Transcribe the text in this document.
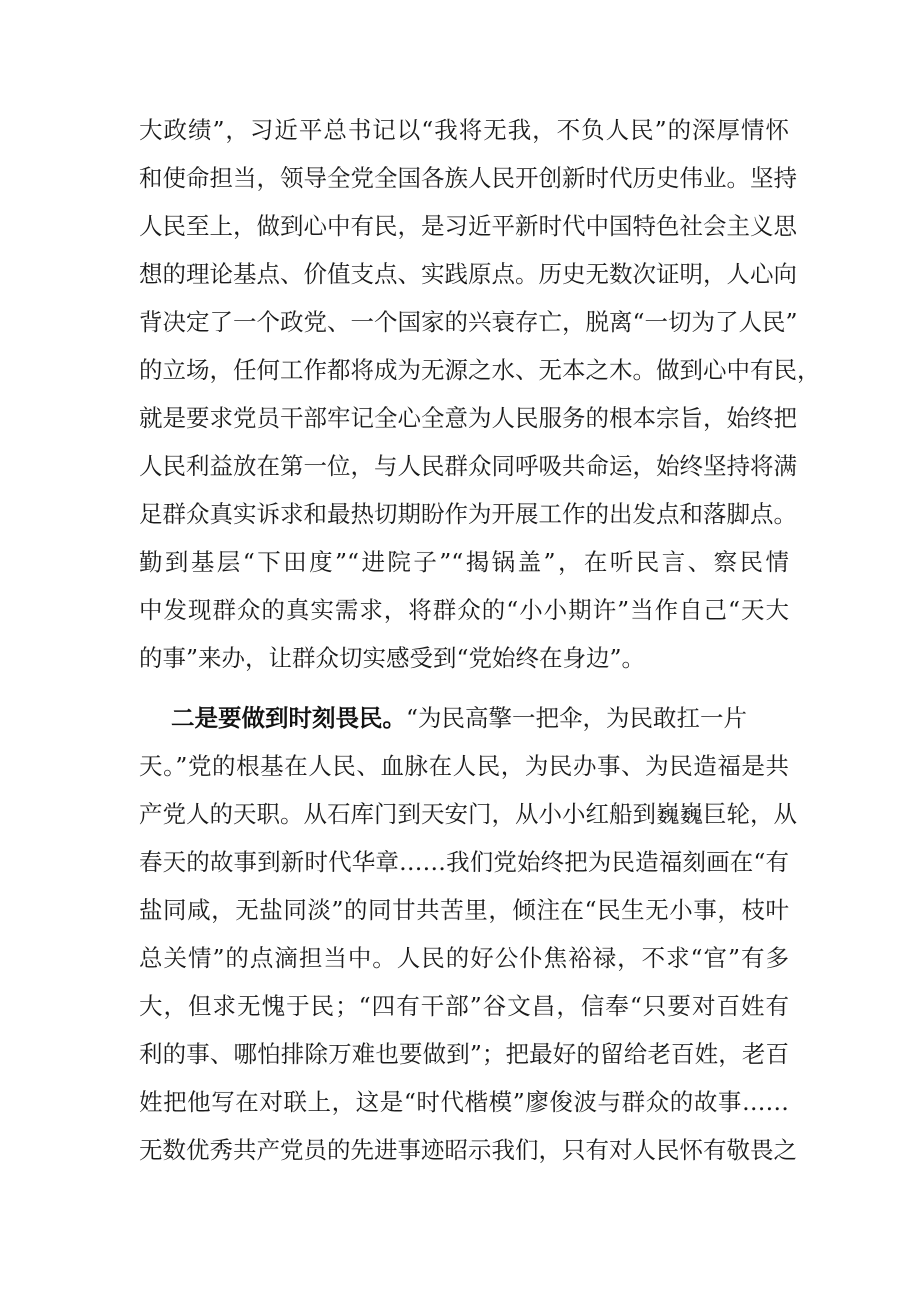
大政绩”，习近平总书记以“我将无我，不负人民”的深厚情怀
和使命担当，领导全党全国各族人民开创新时代历史伟业。坚持
人民至上，做到心中有民，是习近平新时代中国特色社会主义思
想的理论基点、价值支点、实践原点。历史无数次证明，人心向
背决定了一个政党、一个国家的兴衰存亡，脱离“一切为了人民”
的立场，任何工作都将成为无源之水、无本之木。做到心中有民，
就是要求党员干部牢记全心全意为人民服务的根本宗旨，始终把
人民利益放在第一位，与人民群众同呼吸共命运，始终坚持将满
足群众真实诉求和最热切期盼作为开展工作的出发点和落脚点。
勤到基层“下田度”“进院子”“揭锅盖”，在听民言、察民情
中发现群众的真实需求，将群众的“小小期许”当作自己“天大
的事”来办，让群众切实感受到“党始终在身边”。
二是要做到时刻畏民。“为民高擎一把伞，为民敢扛一片
天。”党的根基在人民、血脉在人民，为民办事、为民造福是共
产党人的天职。从石库门到天安门，从小小红船到巍巍巨轮，从
春天的故事到新时代华章……我们党始终把为民造福刻画在“有
盐同咸，无盐同淡”的同甘共苦里，倾注在“民生无小事，枝叶
总关情”的点滴担当中。人民的好公仆焦裕禄，不求“官”有多
大，但求无愧于民；“四有干部”谷文昌，信奉“只要对百姓有
利的事、哪怕排除万难也要做到”；把最好的留给老百姓，老百
姓把他写在对联上，这是“时代楷模”廖俊波与群众的故事……
无数优秀共产党员的先进事迹昭示我们，只有对人民怀有敬畏之
